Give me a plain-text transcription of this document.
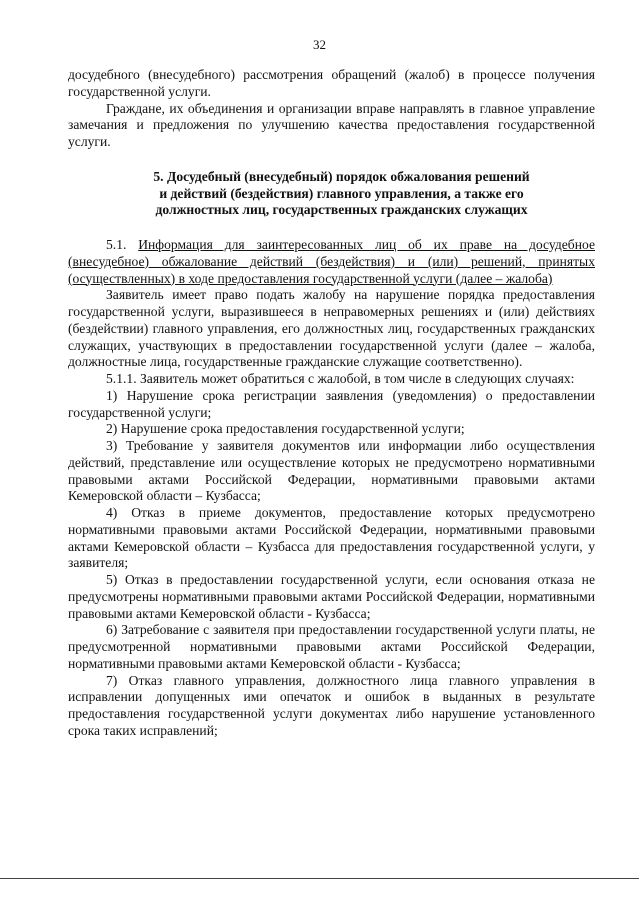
32

досудебного (внесудебного) рассмотрения обращений (жалоб) в процессе получения государственной услуги.

Граждане, их объединения и организации вправе направлять в главное управление замечания и предложения по улучшению качества предоставления государственной услуги.

5. Досудебный (внесудебный) порядок обжалования решений

и действий (бездействия) главного управления, а также его

должностных лиц, государственных гражданских служащих

5.1. Информация для заинтересованных лиц об их праве на досудебное (внесудебное) обжалование действий (бездействия) и (или) решений, принятых (осуществленных) в ходе предоставления государственной услуги (далее – жалоба)

Заявитель имеет право подать жалобу на нарушение порядка предоставления государственной услуги, выразившееся в неправомерных решениях и (или) действиях (бездействии) главного управления, его должностных лиц, государственных гражданских служащих, участвующих в предоставлении государственной услуги (далее – жалоба, должностные лица, государственные гражданские служащие соответственно).

5.1.1. Заявитель может обратиться с жалобой, в том числе в следующих случаях:

1) Нарушение срока регистрации заявления (уведомления) о предоставлении государственной услуги;

2) Нарушение срока предоставления государственной услуги;

3) Требование у заявителя документов или информации либо осуществления действий, представление или осуществление которых не предусмотрено нормативными правовыми актами Российской Федерации, нормативными правовыми актами Кемеровской области – Кузбасса;

4) Отказ в приеме документов, предоставление которых предусмотрено нормативными правовыми актами Российской Федерации, нормативными правовыми актами Кемеровской области – Кузбасса для предоставления государственной услуги, у заявителя;

5) Отказ в предоставлении государственной услуги, если основания отказа не предусмотрены нормативными правовыми актами Российской Федерации, нормативными правовыми актами Кемеровской области - Кузбасса;

6) Затребование с заявителя при предоставлении государственной услуги платы, не предусмотренной нормативными правовыми актами Российской Федерации, нормативными правовыми актами Кемеровской области - Кузбасса;

7) Отказ главного управления, должностного лица главного управления в исправлении допущенных ими опечаток и ошибок в выданных в результате предоставления государственной услуги документах либо нарушение установленного срока таких исправлений;
